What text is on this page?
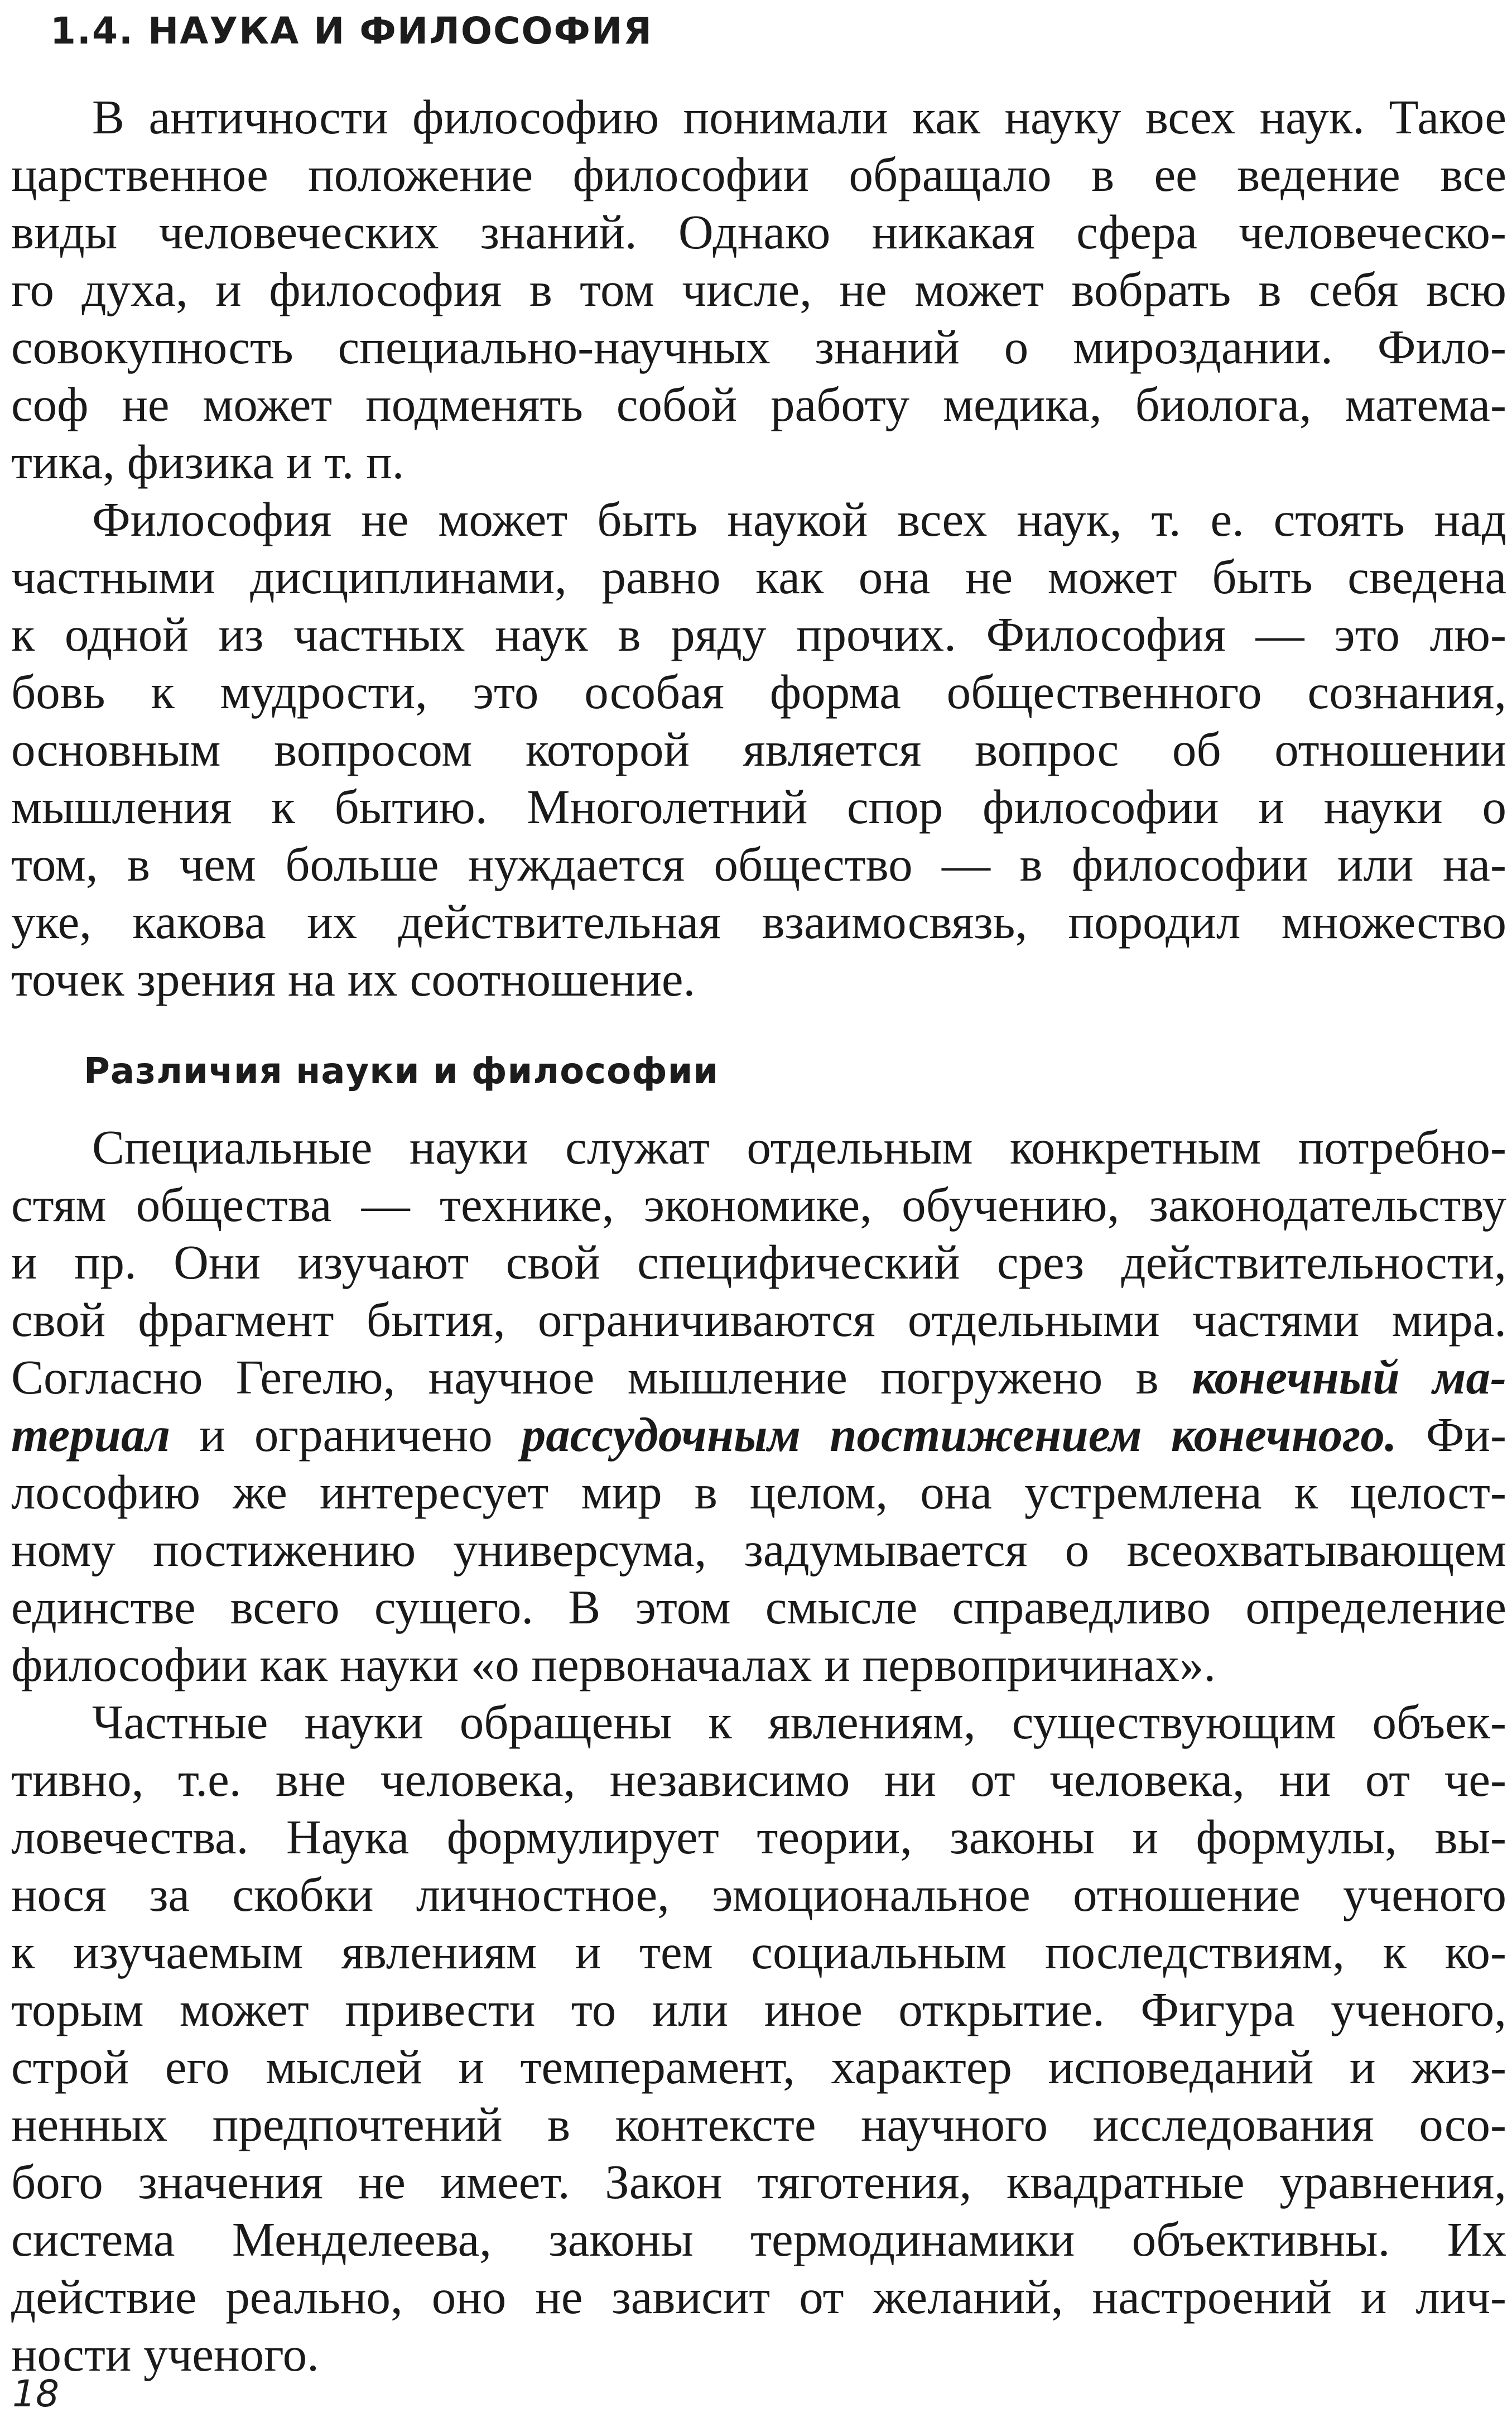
1.4. НАУКА И ФИЛОСОФИЯ
В античности философию понимали как науку всех наук. Такое
царственное положение философии обращало в ее ведение все
виды человеческих знаний. Однако никакая сфера человеческо-
го духа, и философия в том числе, не может вобрать в себя всю
совокупность специально-научных знаний о мироздании. Фило-
соф не может подменять собой работу медика, биолога, матема-
тика, физика и т. п.
Философия не может быть наукой всех наук, т. е. стоять над
частными дисциплинами, равно как она не может быть сведена
к одной из частных наук в ряду прочих. Философия — это лю-
бовь к мудрости, это особая форма общественного сознания,
основным вопросом которой является вопрос об отношении
мышления к бытию. Многолетний спор философии и науки о
том, в чем больше нуждается общество — в философии или на-
уке, какова их действительная взаимосвязь, породил множество
точек зрения на их соотношение.
Различия науки и философии
Специальные науки служат отдельным конкретным потребно-
стям общества — технике, экономике, обучению, законодательству
и пр. Они изучают свой специфический срез действительности,
свой фрагмент бытия, ограничиваются отдельными частями мира.
Согласно Гегелю, научное мышление погружено в конечный ма-
териал и ограничено рассудочным постижением конечного. Фи-
лософию же интересует мир в целом, она устремлена к целост-
ному постижению универсума, задумывается о всеохватывающем
единстве всего сущего. В этом смысле справедливо определение
философии как науки «о первоначалах и первопричинах».
Частные науки обращены к явлениям, существующим объек-
тивно, т.е. вне человека, независимо ни от человека, ни от че-
ловечества. Наука формулирует теории, законы и формулы, вы-
нося за скобки личностное, эмоциональное отношение ученого
к изучаемым явлениям и тем социальным последствиям, к ко-
торым может привести то или иное открытие. Фигура ученого,
строй его мыслей и темперамент, характер исповеданий и жиз-
ненных предпочтений в контексте научного исследования осо-
бого значения не имеет. Закон тяготения, квадратные уравнения,
система Менделеева, законы термодинамики объективны. Их
действие реально, оно не зависит от желаний, настроений и лич-
ности ученого.

18
